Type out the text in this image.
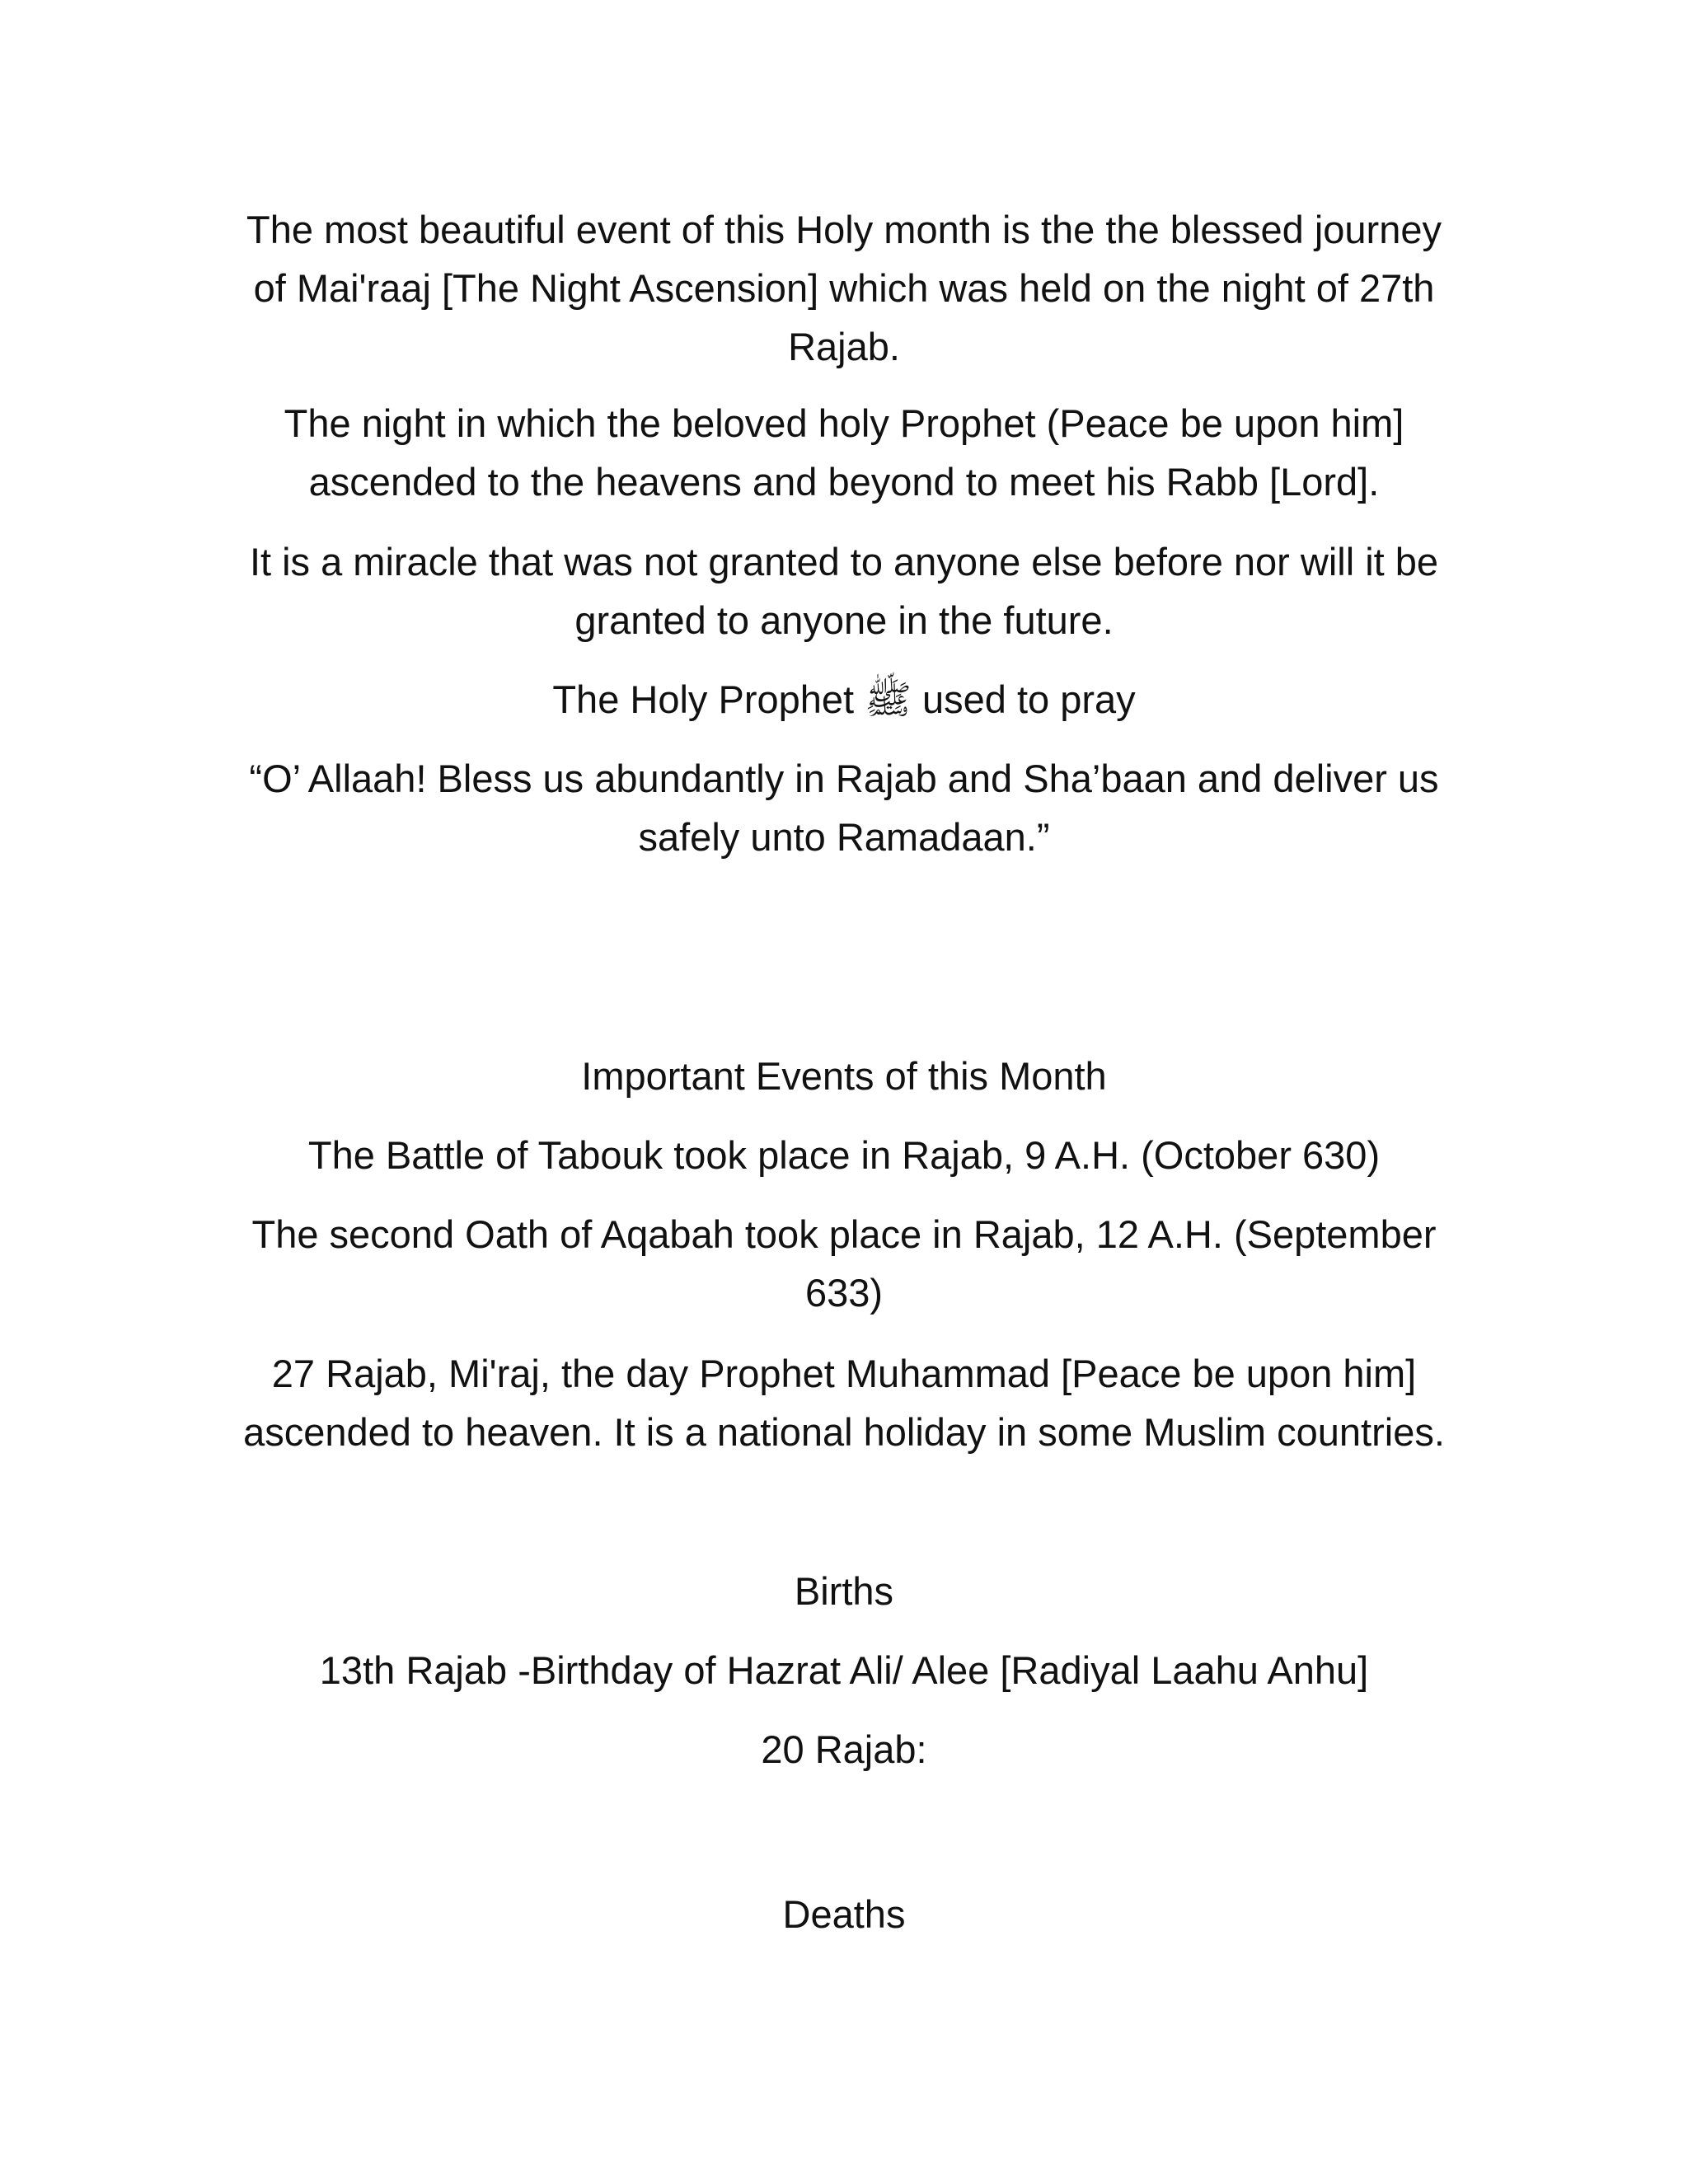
The most beautiful event of this Holy month is the the blessed journey
of Mai'raaj [The Night Ascension] which was held on the night of 27th
Rajab.

The night in which the beloved holy Prophet (Peace be upon him]
ascended to the heavens and beyond to meet his Rabb [Lord].

It is a miracle that was not granted to anyone else before nor will it be
granted to anyone in the future.

The Holy Prophet ﷺ used to pray

“O’ Allaah! Bless us abundantly in Rajab and Sha’baan and deliver us
safely unto Ramadaan.”

Important Events of this Month

The Battle of Tabouk took place in Rajab, 9 A.H. (October 630)

The second Oath of Aqabah took place in Rajab, 12 A.H. (September
633)

27 Rajab, Mi'raj, the day Prophet Muhammad [Peace be upon him]
ascended to heaven. It is a national holiday in some Muslim countries.

Births

13th Rajab -Birthday of Hazrat Ali/ Alee [Radiyal Laahu Anhu]

20 Rajab:

Deaths
